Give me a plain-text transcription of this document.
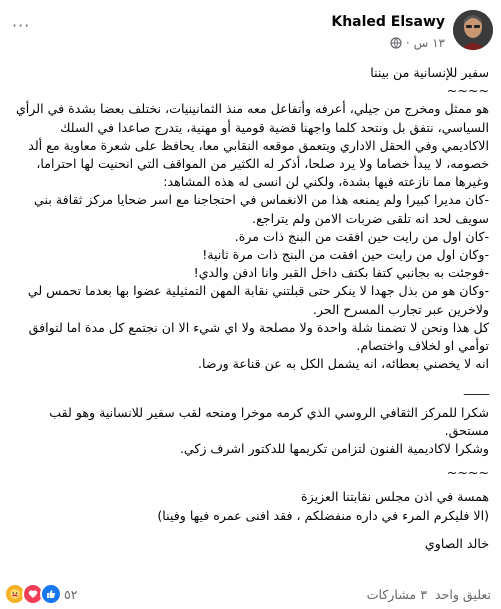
Khaled Elsawy
١٣ س
·
···

سفير للإنسانية من بيننا

~~~~

هو ممثل ومخرج من جيلي، أعرفه وأتفاعل معه منذ الثمانينيات، نختلف بعضا بشدة في الرأي السياسي، نتفق بل ونتحد كلما واجهنا قضية قومية أو مهنية، يتدرج صاعدا في السلك الاكاديمي وفي الحقل الاداري ويتعمق موقعه النقابي معا، يحافظ على شعرة معاوية مع ألد خصومه، لا يبدأ خصاما ولا يرد صلحا، أذكر له الكثير من المواقف التي انحنيت لها احتراما، وغيرها مما نازعته فيها بشدة، ولكني لن انسى له هذه المشاهد:

-كان مديرا كبيرا ولم يمنعه هذا من الانغماس في احتجاجنا مع اسر ضحايا مركز ثقافة بني سويف لحد انه تلقى ضربات الامن ولم يتراجع.

-كان اول من رايت حين افقت من البنج ذات مرة.

-وكان اول من رايت حين افقت من البنج ذات مرة ثانية!

-فوجئت به بجانبي كتفا بكتف داخل القبر وانا ادفن والدي!

-وكان هو من بذل جهدا لا ينكر حتى قبلتني نقابة المهن التمثيلية عضوا بها بعدما تحمس لي ولاخرين عبر تجارب المسرح الحر.

كل هذا ونحن لا تضمنا شلة واحدة ولا مصلحة ولا اي شيء الا ان نجتمع كل مدة اما لتوافق توأمي او لخلاف واختصام.

انه لا يخصني بعطائه، انه يشمل الكل به عن قناعة ورضا.

____

شكرا للمركز الثقافي الروسي الذي كرمه موخرا ومنحه لقب سفير للانسانية وهو لقب مستحق.

وشكرا لاكاديمية الفنون لتزامن تكريمها للدكتور اشرف زكي.

~~~~

همسة في اذن مجلس نقابتنا العزيزة

(الا فليكرم المرء في داره منفضلكم ، فقد افنى عمره فيها وفينا)

خالد الصاوي

تعليق واحد
٣ مشاركات
٥٢
